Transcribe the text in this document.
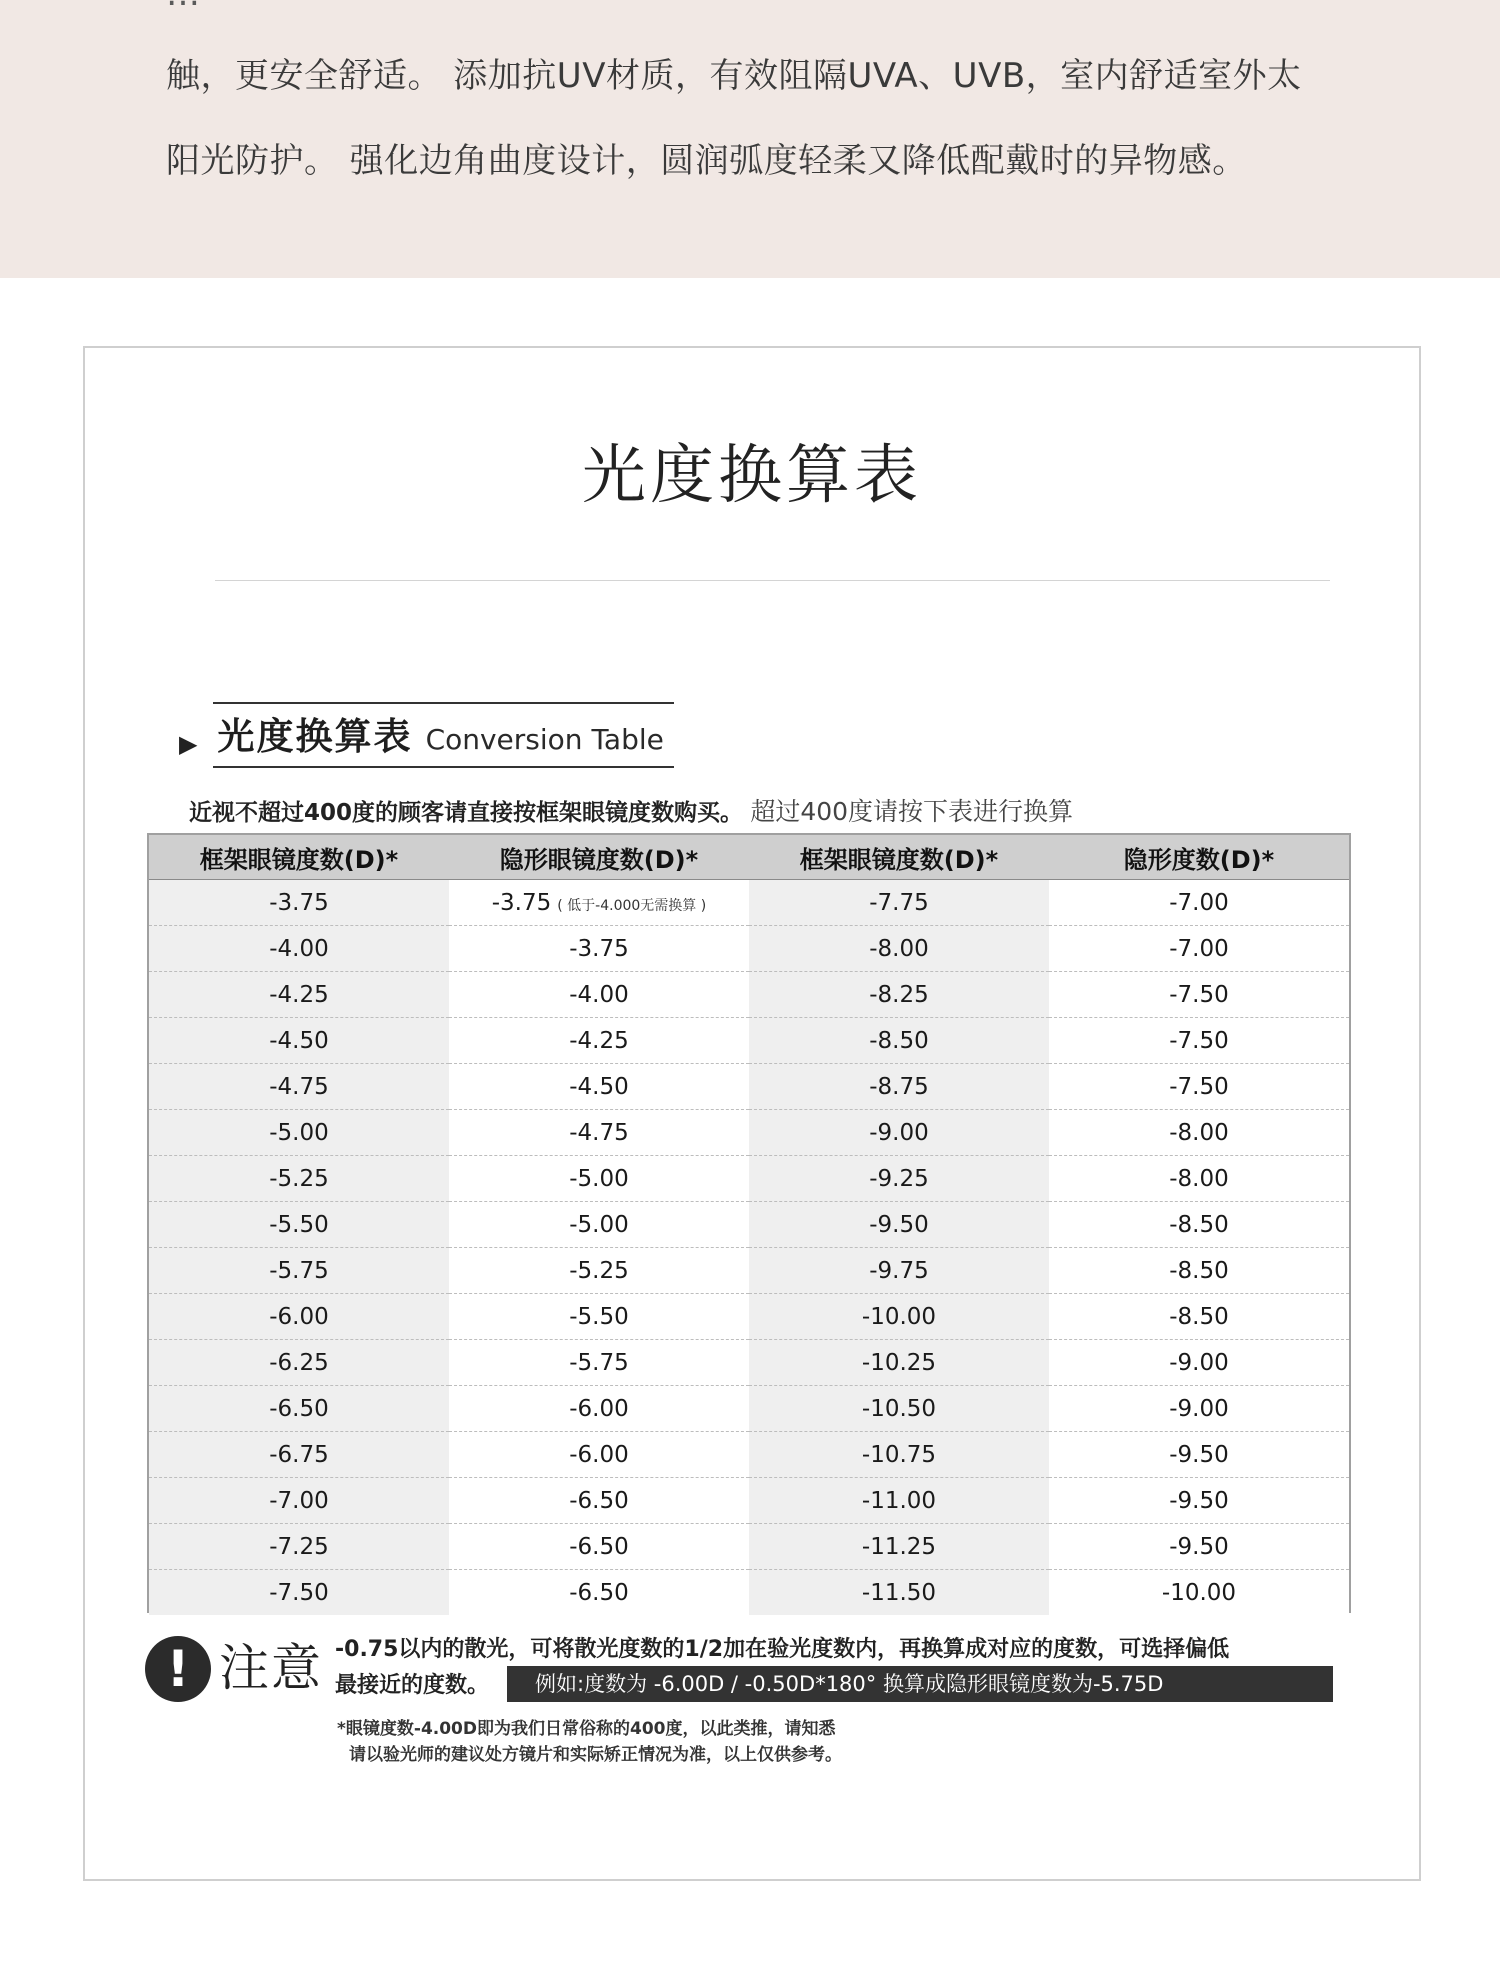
触，更安全舒适。 添加抗UV材质，有效阻隔UVA、UVB，室内舒适室外太
阳光防护。 强化边角曲度设计，圆润弧度轻柔又降低配戴时的异物感。
光度换算表
▶ 光度换算表 Conversion Table
近视不超过400度的顾客请直接按框架眼镜度数购买。 超过400度请按下表进行换算
框架眼镜度数(D)*	隐形眼镜度数(D)*	框架眼镜度数(D)*	隐形度数(D)*
-3.75	-3.75 ( 低于-4.000无需换算 )	-7.75	-7.00
-4.00	-3.75	-8.00	-7.00
-4.25	-4.00	-8.25	-7.50
-4.50	-4.25	-8.50	-7.50
-4.75	-4.50	-8.75	-7.50
-5.00	-4.75	-9.00	-8.00
-5.25	-5.00	-9.25	-8.00
-5.50	-5.00	-9.50	-8.50
-5.75	-5.25	-9.75	-8.50
-6.00	-5.50	-10.00	-8.50
-6.25	-5.75	-10.25	-9.00
-6.50	-6.00	-10.50	-9.00
-6.75	-6.00	-10.75	-9.50
-7.00	-6.50	-11.00	-9.50
-7.25	-6.50	-11.25	-9.50
-7.50	-6.50	-11.50	-10.00
! 注意 -0.75以内的散光，可将散光度数的1/2加在验光度数内，再换算成对应的度数，可选择偏低
最接近的度数。	例如:度数为 -6.00D / -0.50D*180° 换算成隐形眼镜度数为-5.75D
*眼镜度数-4.00D即为我们日常俗称的400度，以此类推，请知悉
请以验光师的建议处方镜片和实际矫正情况为准，以上仅供参考。
